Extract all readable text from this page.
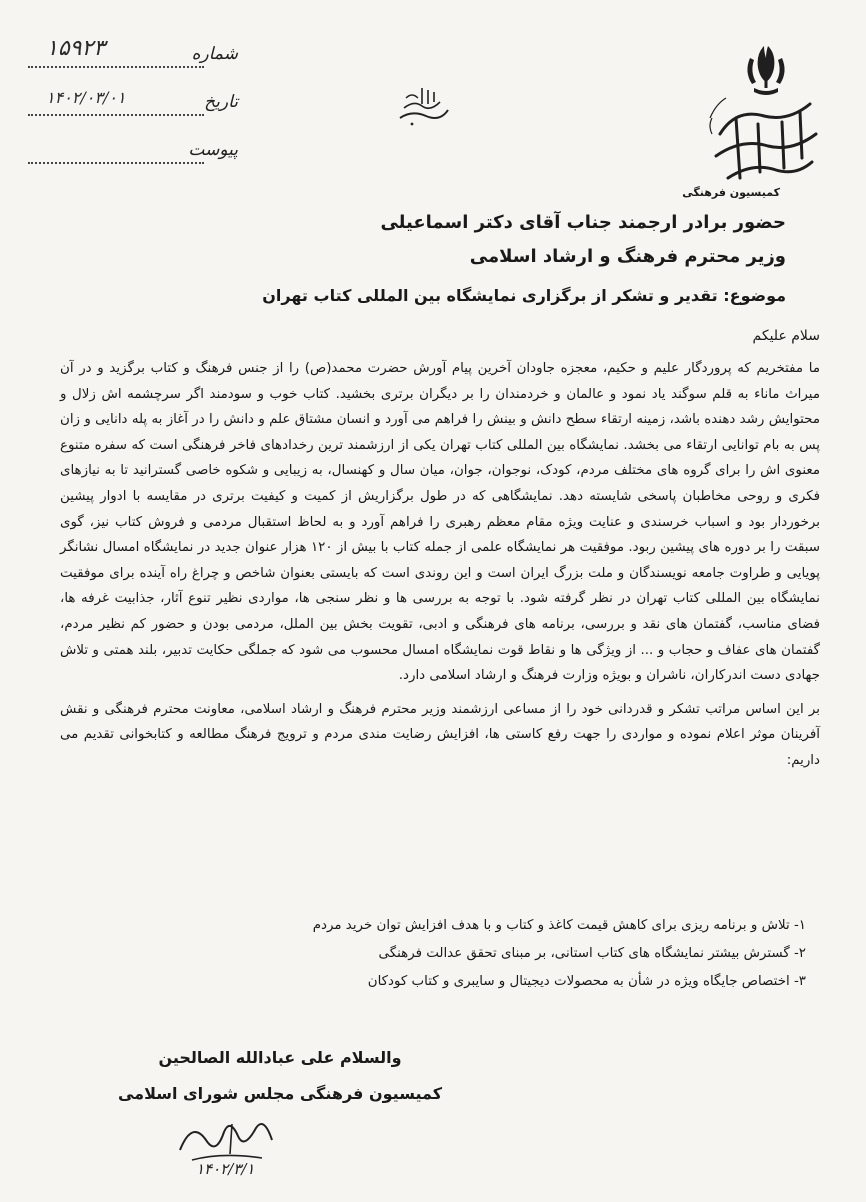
شماره
۱۵۹۲۳
تاریخ
۱۴۰۲/۰۳/۰۱
پیوست
کمیسیون فرهنگی
حضور برادر ارجمند جناب آقای دکتر اسماعیلی
وزیر محترم فرهنگ و ارشاد اسلامی
موضوع: تقدیر و تشکر از برگزاری نمایشگاه بین المللی کتاب تهران
سلام علیکم

ما مفتخریم که پروردگار علیم و حکیم، معجزه جاودان آخرین پیام آورش حضرت محمد(ص) را از جنس فرهنگ و کتاب برگزید و در آن میراث ماناء به قلم سوگند یاد نمود و عالمان و خردمندان را بر دیگران برتری بخشید. کتاب خوب و سودمند اگر سرچشمه اش زلال و محتوایش رشد دهنده باشد، زمینه ارتقاء سطح دانش و بینش را فراهم می آورد و انسان مشتاق علم و دانش را در آغاز به پله دانایی و زان پس به بام توانایی ارتقاء می بخشد. نمایشگاه بین المللی کتاب تهران یکی از ارزشمند ترین رخدادهای فاخر فرهنگی است که سفره متنوع معنوی اش را برای گروه های مختلف مردم، کودک، نوجوان، جوان، میان سال و کهنسال، به زیبایی و شکوه خاصی گسترانید تا به نیازهای فکری و روحی مخاطبان پاسخی شایسته دهد. نمایشگاهی که در طول برگزاریش از کمیت و کیفیت برتری در مقایسه با ادوار پیشین برخوردار بود و اسباب خرسندی و عنایت ویژه مقام معظم رهبری را فراهم آورد و به لحاظ استقبال مردمی و فروش کتاب نیز، گوی سبقت را بر دوره های پیشین ربود. موفقیت هر نمایشگاه علمی از جمله کتاب با بیش از ۱۲۰ هزار عنوان جدید در نمایشگاه امسال نشانگر پویایی و طراوت جامعه نویسندگان و ملت بزرگ ایران است و این روندی است که بایستی بعنوان شاخص و چراغ راه آینده برای موفقیت نمایشگاه بین المللی کتاب تهران در نظر گرفته شود. با توجه به بررسی ها و نظر سنجی ها، مواردی نظیر تنوع آثار، جذابیت غرفه ها، فضای مناسب، گفتمان های نقد و بررسی، برنامه های فرهنگی و ادبی، تقویت بخش بین الملل، مردمی بودن و حضور کم نظیر مردم، گفتمان های عفاف و حجاب و ... از ویژگی ها و نقاط قوت نمایشگاه امسال محسوب می شود که جملگی حکایت تدبیر، بلند همتی و تلاش جهادی دست اندرکاران، ناشران و بویژه وزارت فرهنگ و ارشاد اسلامی دارد.

بر این اساس مراتب تشکر و قدردانی خود را از مساعی ارزشمند وزیر محترم فرهنگ و ارشاد اسلامی، معاونت محترم فرهنگی و نقش آفرینان موثر اعلام نموده و مواردی را جهت رفع کاستی ها، افزایش رضایت مندی مردم و ترویج فرهنگ مطالعه و کتابخوانی تقدیم می داریم:

۱- تلاش و برنامه ریزی برای کاهش قیمت کاغذ و کتاب و با هدف افزایش توان خرید مردم
۲- گسترش بیشتر نمایشگاه های کتاب استانی، بر مبنای تحقق عدالت فرهنگی
۳- اختصاص جایگاه ویژه در شأن به محصولات دیجیتال و سایبری و کتاب کودکان
والسلام علی عبادالله الصالحین
کمیسیون فرهنگی مجلس شورای اسلامی
۱۴۰۲/۳/۱
